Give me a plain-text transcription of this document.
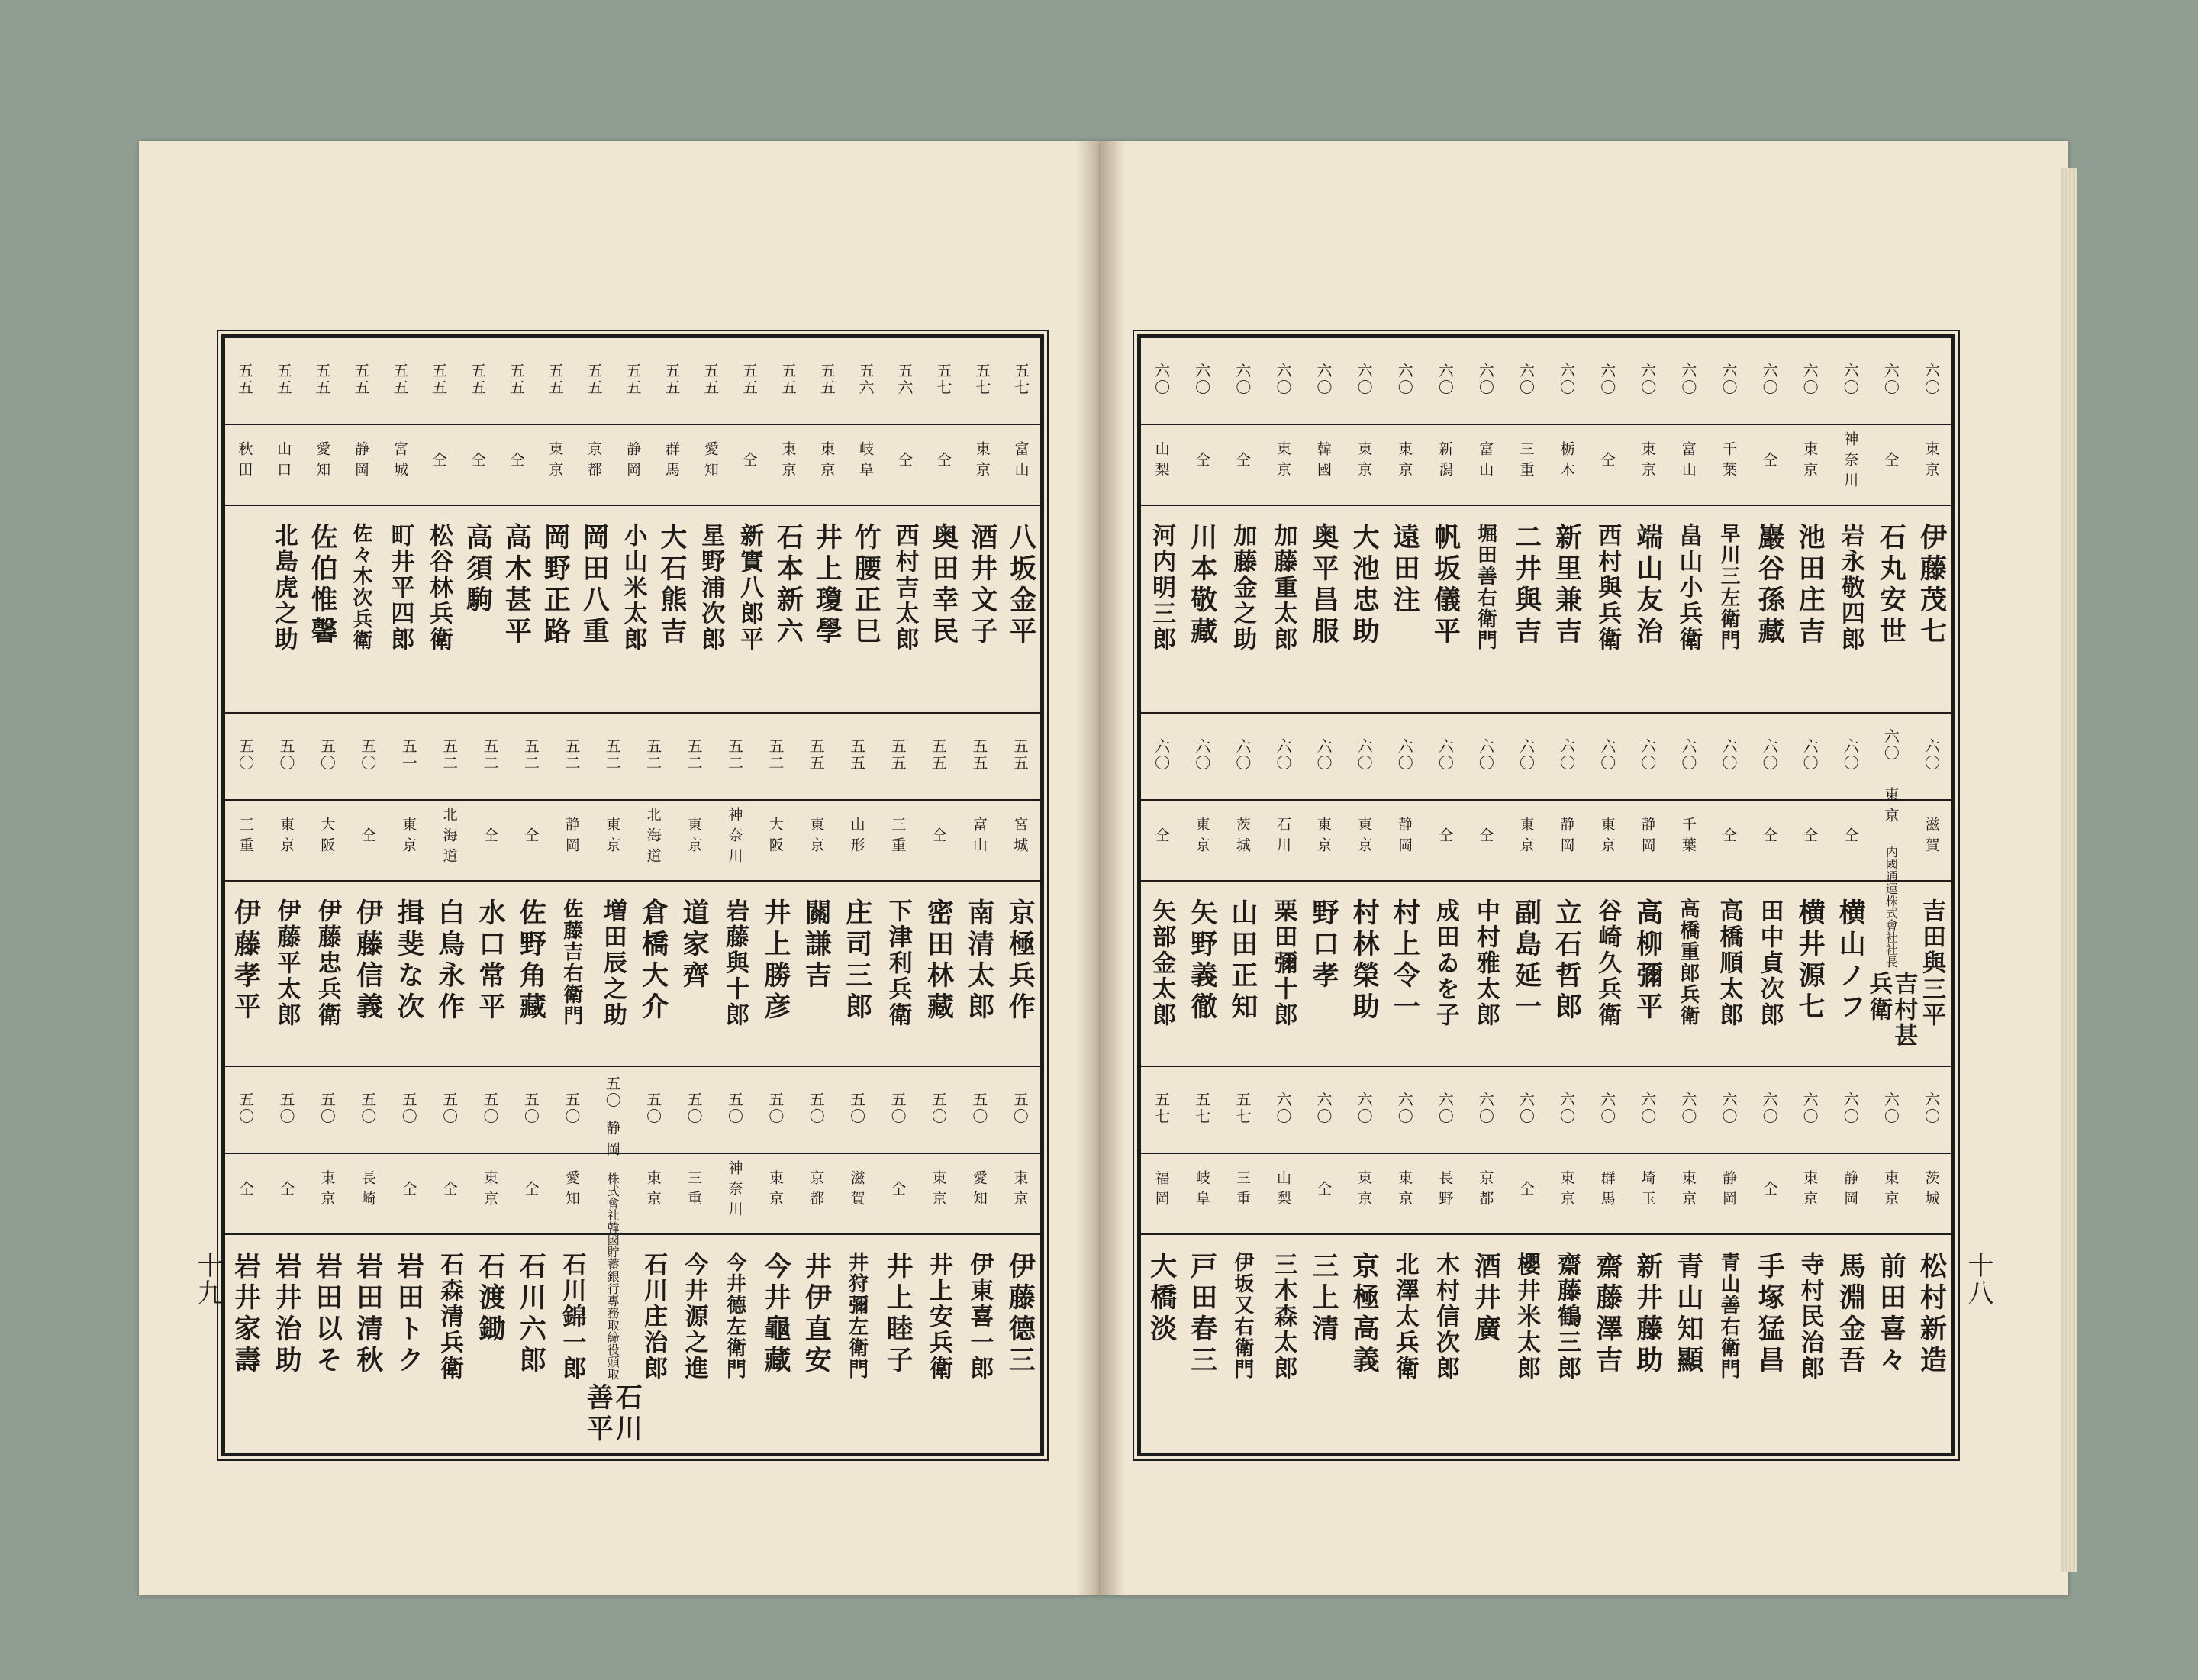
六〇
東京
伊藤茂七
六〇
仝
石丸安世
六〇
神奈川
岩永敬四郎
六〇
東京
池田庄吉
六〇
仝
巖谷孫藏
六〇
千葉
早川三左衛門
六〇
富山
畠山小兵衛
六〇
東京
端山友治
六〇
仝
西村與兵衛
六〇
栃木
新里兼吉
六〇
三重
二井與吉
六〇
富山
堀田善右衛門
六〇
新潟
帆坂儀平
六〇
東京
遠田注
六〇
東京
大池忠助
六〇
韓國
奥平昌服
六〇
東京
加藤重太郎
六〇
仝
加藤金之助
六〇
仝
川本敬藏
六〇
山梨
河内明三郎
六〇
滋賀
吉田與三平
六〇
東京
内國通運株式會社社長
吉村甚兵衛
六〇
仝
横山ノフ
六〇
仝
横井源七
六〇
仝
田中貞次郎
六〇
仝
高橋順太郎
六〇
千葉
高橋重郎兵衛
六〇
静岡
高柳彌平
六〇
東京
谷崎久兵衛
六〇
静岡
立石哲郎
六〇
東京
副島延一
六〇
仝
中村雅太郎
六〇
仝
成田ゐを子
六〇
静岡
村上令一
六〇
東京
村林榮助
六〇
東京
野口孝
六〇
石川
栗田彌十郎
六〇
茨城
山田正知
六〇
東京
矢野義徹
六〇
仝
矢部金太郎
六〇
茨城
松村新造
六〇
東京
前田喜々
六〇
静岡
馬淵金吾
六〇
東京
寺村民治郎
六〇
仝
手塚猛昌
六〇
静岡
青山善右衛門
六〇
東京
青山知顯
六〇
埼玉
新井藤助
六〇
群馬
齋藤澤吉
六〇
東京
齋藤鶴三郎
六〇
仝
櫻井米太郎
六〇
京都
酒井廣
六〇
長野
木村信次郎
六〇
東京
北澤太兵衛
六〇
東京
京極高義
六〇
仝
三上清
六〇
山梨
三木森太郎
五七
三重
伊坂又右衛門
五七
岐阜
戸田春三
五七
福岡
大橋淡
五七
富山
八坂金平
五七
東京
酒井文子
五七
仝
奥田幸民
五六
仝
西村吉太郎
五六
岐阜
竹腰正巳
五五
東京
井上瓊學
五五
東京
石本新六
五五
仝
新實八郎平
五五
愛知
星野浦次郎
五五
群馬
大石熊吉
五五
静岡
小山米太郎
五五
京都
岡田八重
五五
東京
岡野正路
五五
仝
高木甚平
五五
仝
高須駒
五五
仝
松谷林兵衛
五五
宮城
町井平四郎
五五
静岡
佐々木次兵衛
五五
愛知
佐伯惟馨
五五
山口
北島虎之助
五五
秋田
五五
宮城
京極兵作
五五
富山
南清太郎
五五
仝
密田林藏
五五
三重
下津利兵衛
五五
山形
庄司三郎
五五
東京
關謙吉
五二
大阪
井上勝彦
五二
神奈川
岩藤與十郎
五二
東京
道家齊
五二
北海道
倉橋大介
五二
東京
増田辰之助
五二
静岡
佐藤吉右衛門
五二
仝
佐野角藏
五二
仝
水口常平
五二
北海道
白鳥永作
五一
東京
揖斐な次
五〇
仝
伊藤信義
五〇
大阪
伊藤忠兵衛
五〇
東京
伊藤平太郎
五〇
三重
伊藤孝平
五〇
東京
伊藤德三
五〇
愛知
伊東喜一郎
五〇
東京
井上安兵衛
五〇
仝
井上睦子
五〇
滋賀
井狩彌左衛門
五〇
京都
井伊直安
五〇
東京
今井龜藏
五〇
神奈川
今井德左衛門
五〇
三重
今井源之進
五〇
東京
石川庄治郎
五〇
静岡
株式會社韓國貯蓄銀行專務取締役頭取
石川善平
五〇
愛知
石川錦一郎
五〇
仝
石川六郎
五〇
東京
石渡鋤
五〇
仝
石森清兵衛
五〇
仝
岩田トク
五〇
長崎
岩田清秋
五〇
東京
岩田以そ
五〇
仝
岩井治助
五〇
仝
岩井家壽
十九	十八
